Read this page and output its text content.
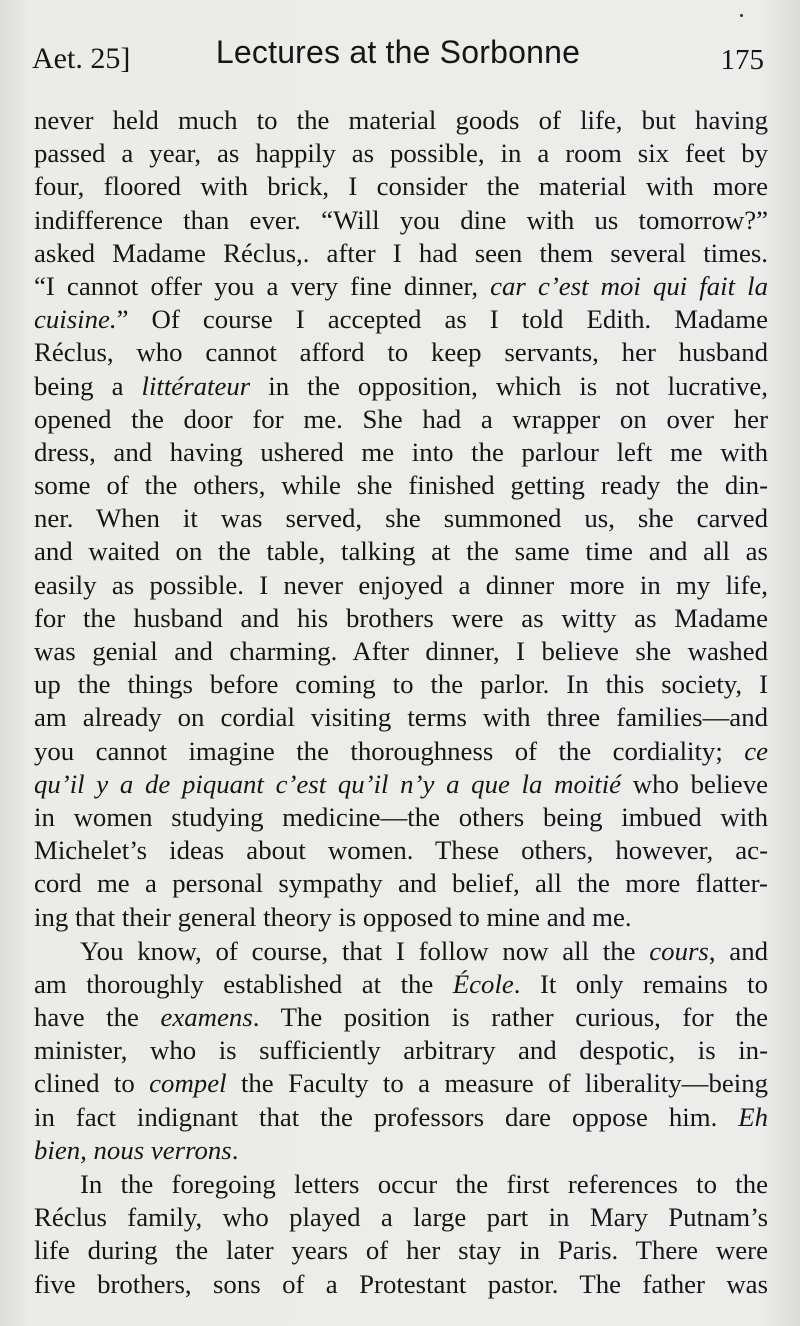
Aet. 25]	Lectures at the Sorbonne	175
never held much to the material goods of life, but having
passed a year, as happily as possible, in a room six feet by
four, floored with brick, I consider the material with more
indifference than ever. “Will you dine with us tomorrow?”
asked Madame Réclus,. after I had seen them several times.
“I cannot offer you a very fine dinner, car c’est moi qui fait la
cuisine.” Of course I accepted as I told Edith. Madame
Réclus, who cannot afford to keep servants, her husband
being a littérateur in the opposition, which is not lucrative,
opened the door for me. She had a wrapper on over her
dress, and having ushered me into the parlour left me with
some of the others, while she finished getting ready the din-
ner. When it was served, she summoned us, she carved
and waited on the table, talking at the same time and all as
easily as possible. I never enjoyed a dinner more in my life,
for the husband and his brothers were as witty as Madame
was genial and charming. After dinner, I believe she washed
up the things before coming to the parlor. In this society, I
am already on cordial visiting terms with three families—and
you cannot imagine the thoroughness of the cordiality; ce
qu’il y a de piquant c’est qu’il n’y a que la moitié who believe
in women studying medicine—the others being imbued with
Michelet’s ideas about women. These others, however, ac-
cord me a personal sympathy and belief, all the more flatter-
ing that their general theory is opposed to mine and me.
You know, of course, that I follow now all the cours, and
am thoroughly established at the École. It only remains to
have the examens. The position is rather curious, for the
minister, who is sufficiently arbitrary and despotic, is in-
clined to compel the Faculty to a measure of liberality—being
in fact indignant that the professors dare oppose him. Eh
bien, nous verrons.
In the foregoing letters occur the first references to the
Réclus family, who played a large part in Mary Putnam’s
life during the later years of her stay in Paris. There were
five brothers, sons of a Protestant pastor. The father was
